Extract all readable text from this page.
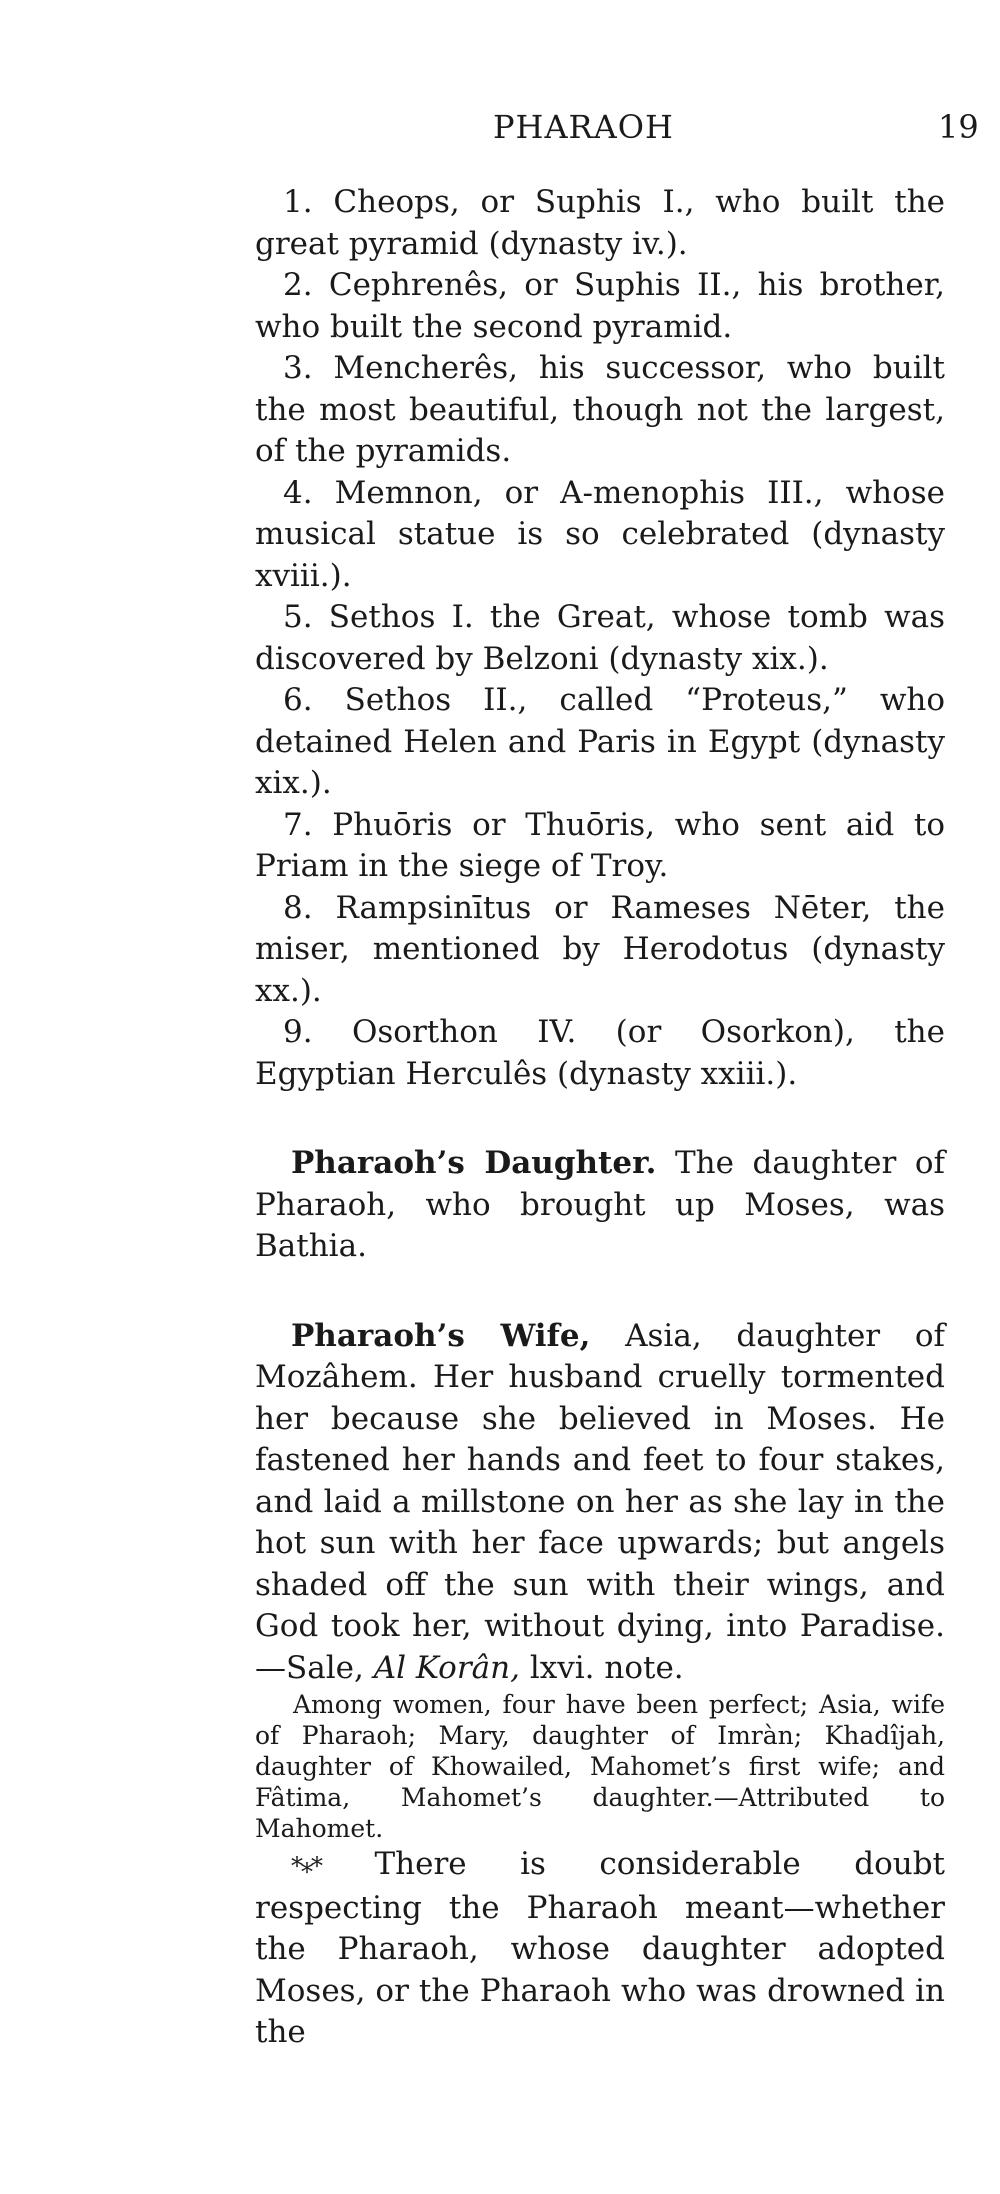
PHARAOH	19

1. Cheops, or Suphis I., who built the great pyramid (dynasty iv.).

2. Cephrenês, or Suphis II., his brother, who built the second pyramid.

3. Mencherês, his successor, who built the most beautiful, though not the largest, of the pyramids.

4. Memnon, or A-menophis III., whose musical statue is so celebrated (dynasty xviii.).

5. Sethos I. the Great, whose tomb was discovered by Belzoni (dynasty xix.).

6. Sethos II., called “Proteus,” who detained Helen and Paris in Egypt (dynasty xix.).

7. Phuōris or Thuōris, who sent aid to Priam in the siege of Troy.

8. Rampsinītus or Rameses Nēter, the miser, mentioned by Herodotus (dynasty xx.).

9. Osorthon IV. (or Osorkon), the Egyptian Herculês (dynasty xxiii.).

Pharaoh’s Daughter. The daughter of Pharaoh, who brought up Moses, was Bathia.

Pharaoh’s Wife, Asia, daughter of Mozâhem. Her husband cruelly tormented her because she believed in Moses. He fastened her hands and feet to four stakes, and laid a millstone on her as she lay in the hot sun with her face upwards; but angels shaded off the sun with their wings, and God took her, without dying, into Paradise.—Sale, Al Korân, lxvi. note.

Among women, four have been perfect; Asia, wife of Pharaoh; Mary, daughter of Imràn; Khadîjah, daughter of Khowailed, Mahomet’s first wife; and Fâtima, Mahomet’s daughter.—Attributed to Mahomet.

*** There is considerable doubt respecting the Pharaoh meant—whether the Pharaoh, whose daughter adopted Moses, or the Pharaoh who was drowned in the
